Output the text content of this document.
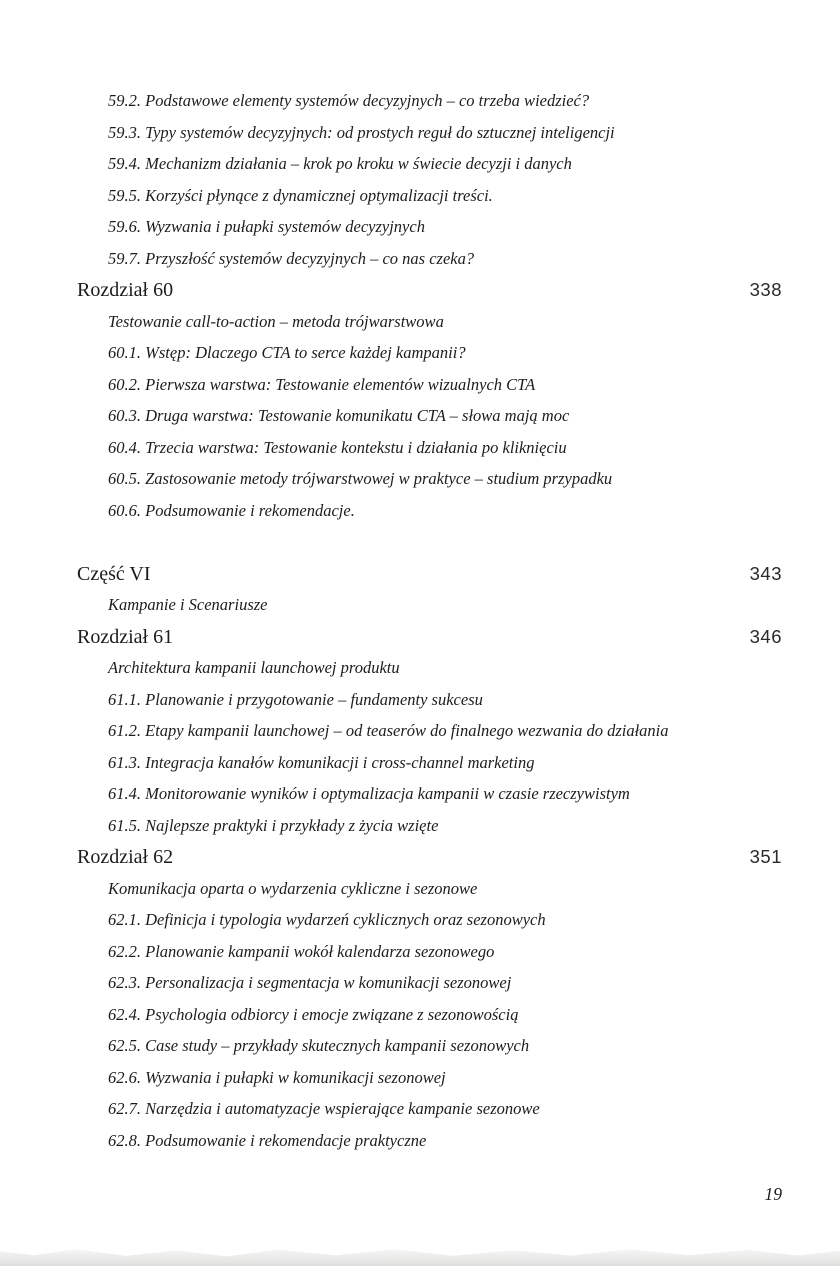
59.2. Podstawowe elementy systemów decyzyjnych – co trzeba wiedzieć?
59.3. Typy systemów decyzyjnych: od prostych reguł do sztucznej inteligencji
59.4. Mechanizm działania – krok po kroku w świecie decyzji i danych
59.5. Korzyści płynące z dynamicznej optymalizacji treści.
59.6. Wyzwania i pułapki systemów decyzyjnych
59.7. Przyszłość systemów decyzyjnych – co nas czeka?
Rozdział 60	338
Testowanie call-to-action – metoda trójwarstwowa
60.1. Wstęp: Dlaczego CTA to serce każdej kampanii?
60.2. Pierwsza warstwa: Testowanie elementów wizualnych CTA
60.3. Druga warstwa: Testowanie komunikatu CTA – słowa mają moc
60.4. Trzecia warstwa: Testowanie kontekstu i działania po kliknięciu
60.5. Zastosowanie metody trójwarstwowej w praktyce – studium przypadku
60.6. Podsumowanie i rekomendacje.
Część VI	343
Kampanie i Scenariusze
Rozdział 61	346
Architektura kampanii launchowej produktu
61.1. Planowanie i przygotowanie – fundamenty sukcesu
61.2. Etapy kampanii launchowej – od teaserów do finalnego wezwania do działania
61.3. Integracja kanałów komunikacji i cross-channel marketing
61.4. Monitorowanie wyników i optymalizacja kampanii w czasie rzeczywistym
61.5. Najlepsze praktyki i przykłady z życia wzięte
Rozdział 62	351
Komunikacja oparta o wydarzenia cykliczne i sezonowe
62.1. Definicja i typologia wydarzeń cyklicznych oraz sezonowych
62.2. Planowanie kampanii wokół kalendarza sezonowego
62.3. Personalizacja i segmentacja w komunikacji sezonowej
62.4. Psychologia odbiorcy i emocje związane z sezonowością
62.5. Case study – przykłady skutecznych kampanii sezonowych
62.6. Wyzwania i pułapki w komunikacji sezonowej
62.7. Narzędzia i automatyzacje wspierające kampanie sezonowe
62.8. Podsumowanie i rekomendacje praktyczne
19
